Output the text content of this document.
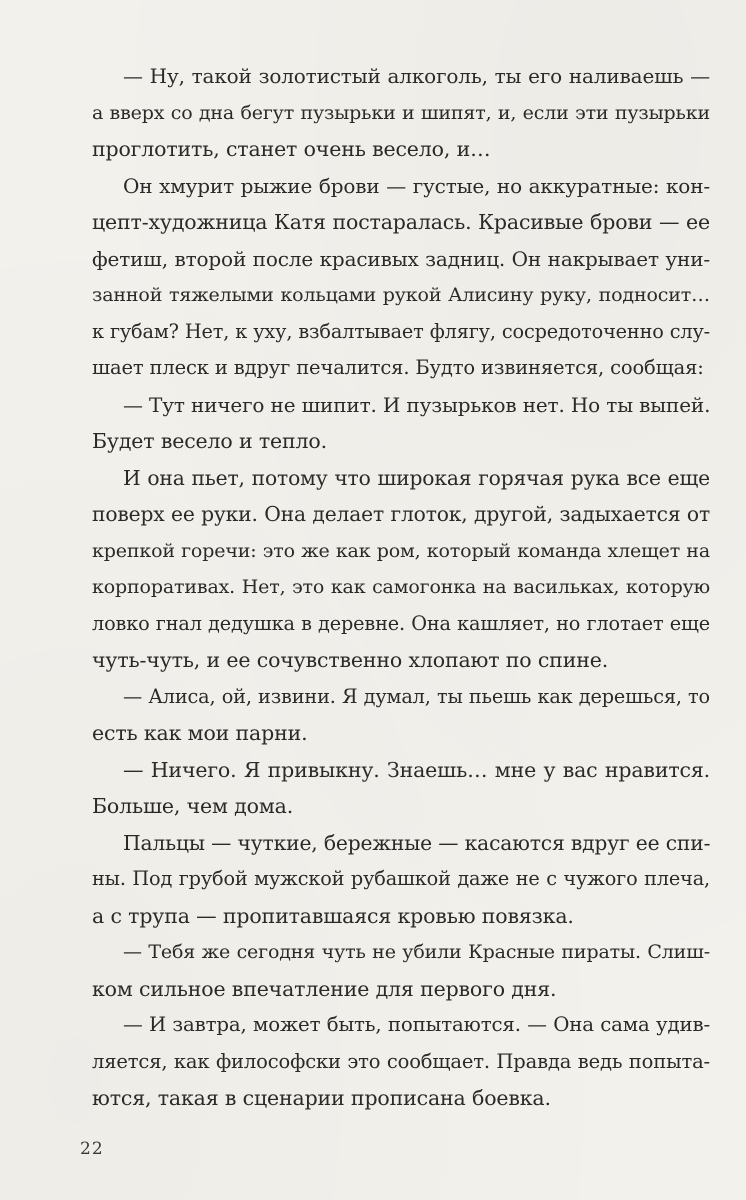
— Ну, такой золотистый алкоголь, ты его наливаешь —
а вверх со дна бегут пузырьки и шипят, и, если эти пузырьки
проглотить, станет очень весело, и…
Он хмурит рыжие брови — густые, но аккуратные: кон-
цепт-художница Катя постаралась. Красивые брови — ее
фетиш, второй после красивых задниц. Он накрывает уни-
занной тяжелыми кольцами рукой Алисину руку, подносит…
к губам? Нет, к уху, взбалтывает флягу, сосредоточенно слу-
шает плеск и вдруг печалится. Будто извиняется, сообщая:
— Тут ничего не шипит. И пузырьков нет. Но ты выпей.
Будет весело и тепло.
И она пьет, потому что широкая горячая рука все еще
поверх ее руки. Она делает глоток, другой, задыхается от
крепкой горечи: это же как ром, который команда хлещет на
корпоративах. Нет, это как самогонка на васильках, которую
ловко гнал дедушка в деревне. Она кашляет, но глотает еще
чуть-чуть, и ее сочувственно хлопают по спине.
— Алиса, ой, извини. Я думал, ты пьешь как дерешься, то
есть как мои парни.
— Ничего. Я привыкну. Знаешь… мне у вас нравится.
Больше, чем дома.
Пальцы — чуткие, бережные — касаются вдруг ее спи-
ны. Под грубой мужской рубашкой даже не с чужого плеча,
а с трупа — пропитавшаяся кровью повязка.
— Тебя же сегодня чуть не убили Красные пираты. Слиш-
ком сильное впечатление для первого дня.
— И завтра, может быть, попытаются. — Она сама удив-
ляется, как философски это сообщает. Правда ведь попыта-
ются, такая в сценарии прописана боевка.
22
